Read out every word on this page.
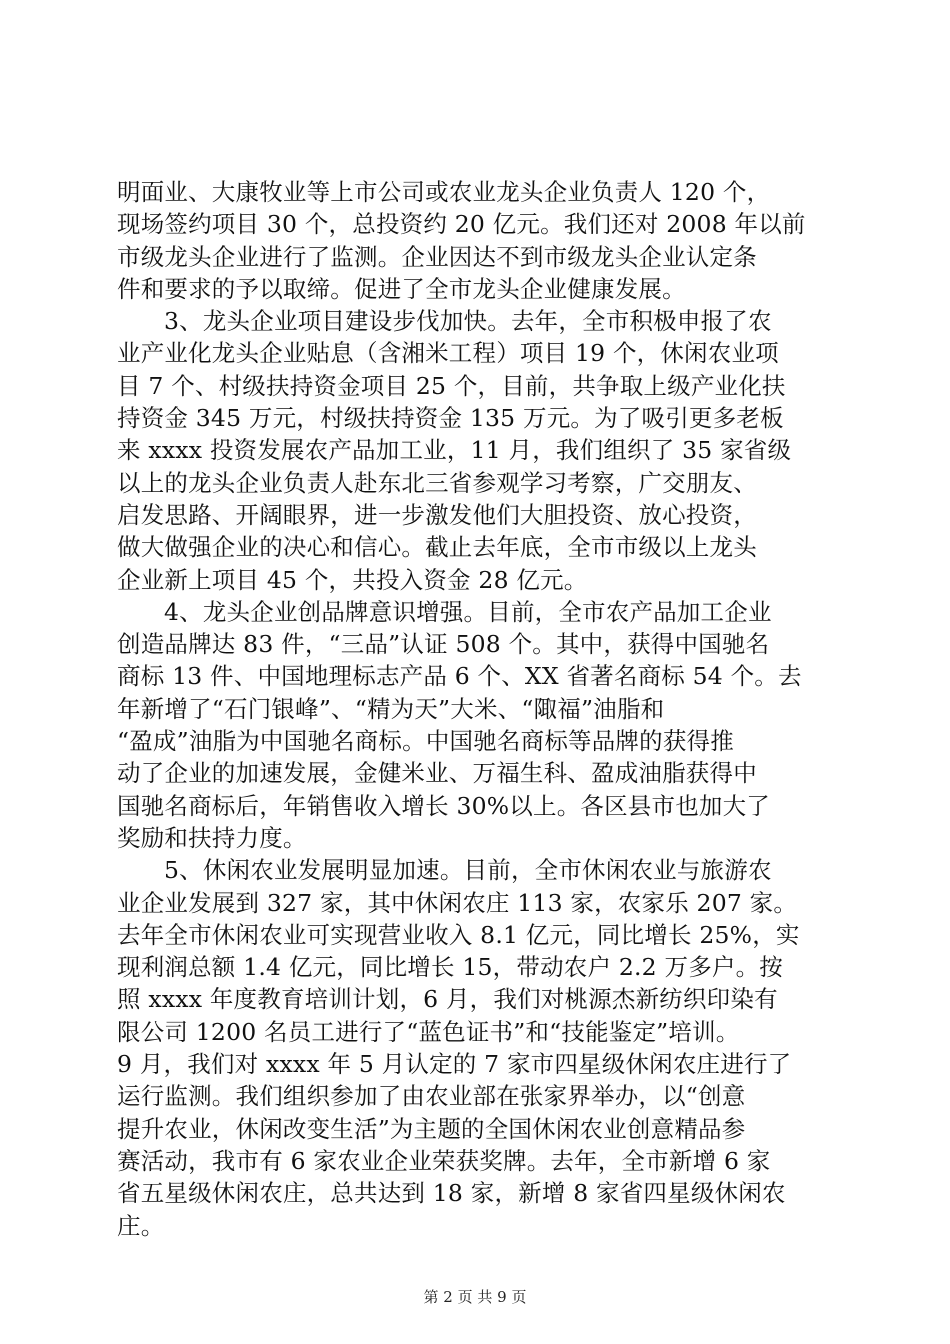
明面业、大康牧业等上市公司或农业龙头企业负责人 120 个，
现场签约项目 30 个，总投资约 20 亿元。我们还对 2008 年以前
市级龙头企业进行了监测。企业因达不到市级龙头企业认定条
件和要求的予以取缔。促进了全市龙头企业健康发展。
3、龙头企业项目建设步伐加快。去年，全市积极申报了农
业产业化龙头企业贴息（含湘米工程）项目 19 个，休闲农业项
目 7 个、村级扶持资金项目 25 个，目前，共争取上级产业化扶
持资金 345 万元，村级扶持资金 135 万元。为了吸引更多老板
来 xxxx 投资发展农产品加工业，11 月，我们组织了 35 家省级
以上的龙头企业负责人赴东北三省参观学习考察，广交朋友、
启发思路、开阔眼界，进一步激发他们大胆投资、放心投资，
做大做强企业的决心和信心。截止去年底，全市市级以上龙头
企业新上项目 45 个，共投入资金 28 亿元。
4、龙头企业创品牌意识增强。目前，全市农产品加工企业
创造品牌达 83 件，“三品”认证 508 个。其中，获得中国驰名
商标 13 件、中国地理标志产品 6 个、XX 省著名商标 54 个。去
年新增了“石门银峰”、“精为天”大米、“陬福”油脂和
“盈成”油脂为中国驰名商标。中国驰名商标等品牌的获得推
动了企业的加速发展，金健米业、万福生科、盈成油脂获得中
国驰名商标后，年销售收入增长 30%以上。各区县市也加大了
奖励和扶持力度。
5、休闲农业发展明显加速。目前，全市休闲农业与旅游农
业企业发展到 327 家，其中休闲农庄 113 家，农家乐 207 家。
去年全市休闲农业可实现营业收入 8.1 亿元，同比增长 25%，实
现利润总额 1.4 亿元，同比增长 15，带动农户 2.2 万多户。按
照 xxxx 年度教育培训计划，6 月，我们对桃源杰新纺织印染有
限公司 1200 名员工进行了“蓝色证书”和“技能鉴定”培训。
9 月，我们对 xxxx 年 5 月认定的 7 家市四星级休闲农庄进行了
运行监测。我们组织参加了由农业部在张家界举办，以“创意
提升农业，休闲改变生活”为主题的全国休闲农业创意精品参
赛活动，我市有 6 家农业企业荣获奖牌。去年，全市新增 6 家
省五星级休闲农庄，总共达到 18 家，新增 8 家省四星级休闲农
庄。
第 2 页 共 9 页
